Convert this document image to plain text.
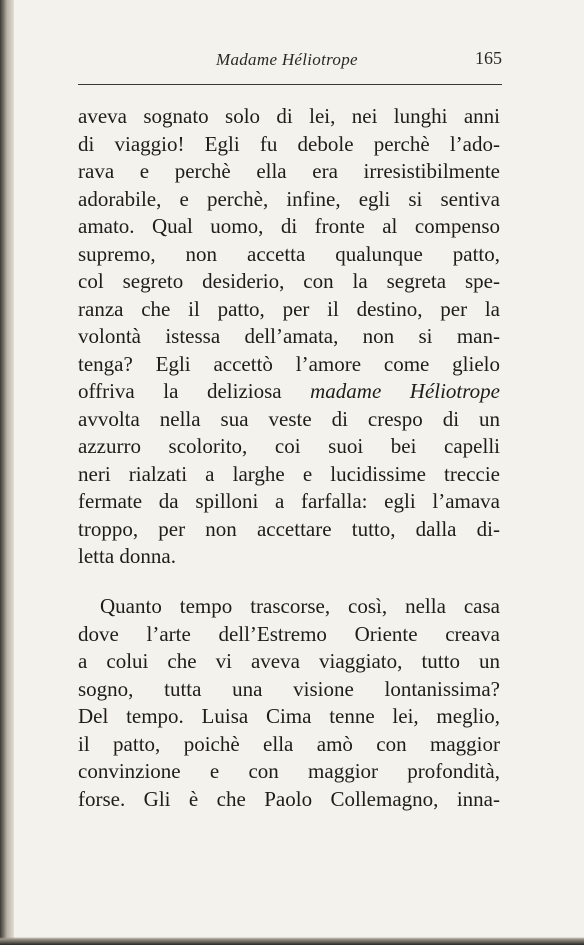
Madame Héliotrope	165
aveva sognato solo di lei, nei lunghi anni
di viaggio! Egli fu debole perchè l’ado-
rava e perchè ella era irresistibilmente
adorabile, e perchè, infine, egli si sentiva
amato. Qual uomo, di fronte al compenso
supremo, non accetta qualunque patto,
col segreto desiderio, con la segreta spe-
ranza che il patto, per il destino, per la
volontà istessa dell’amata, non si man-
tenga? Egli accettò l’amore come glielo
offriva la deliziosa madame Héliotrope
avvolta nella sua veste di crespo di un
azzurro scolorito, coi suoi bei capelli
neri rialzati a larghe e lucidissime treccie
fermate da spilloni a farfalla: egli l’amava
troppo, per non accettare tutto, dalla di-
letta donna.
Quanto tempo trascorse, così, nella casa
dove l’arte dell’Estremo Oriente creava
a colui che vi aveva viaggiato, tutto un
sogno, tutta una visione lontanissima?
Del tempo. Luisa Cima tenne lei, meglio,
il patto, poichè ella amò con maggior
convinzione e con maggior profondità,
forse. Gli è che Paolo Collemagno, inna-
